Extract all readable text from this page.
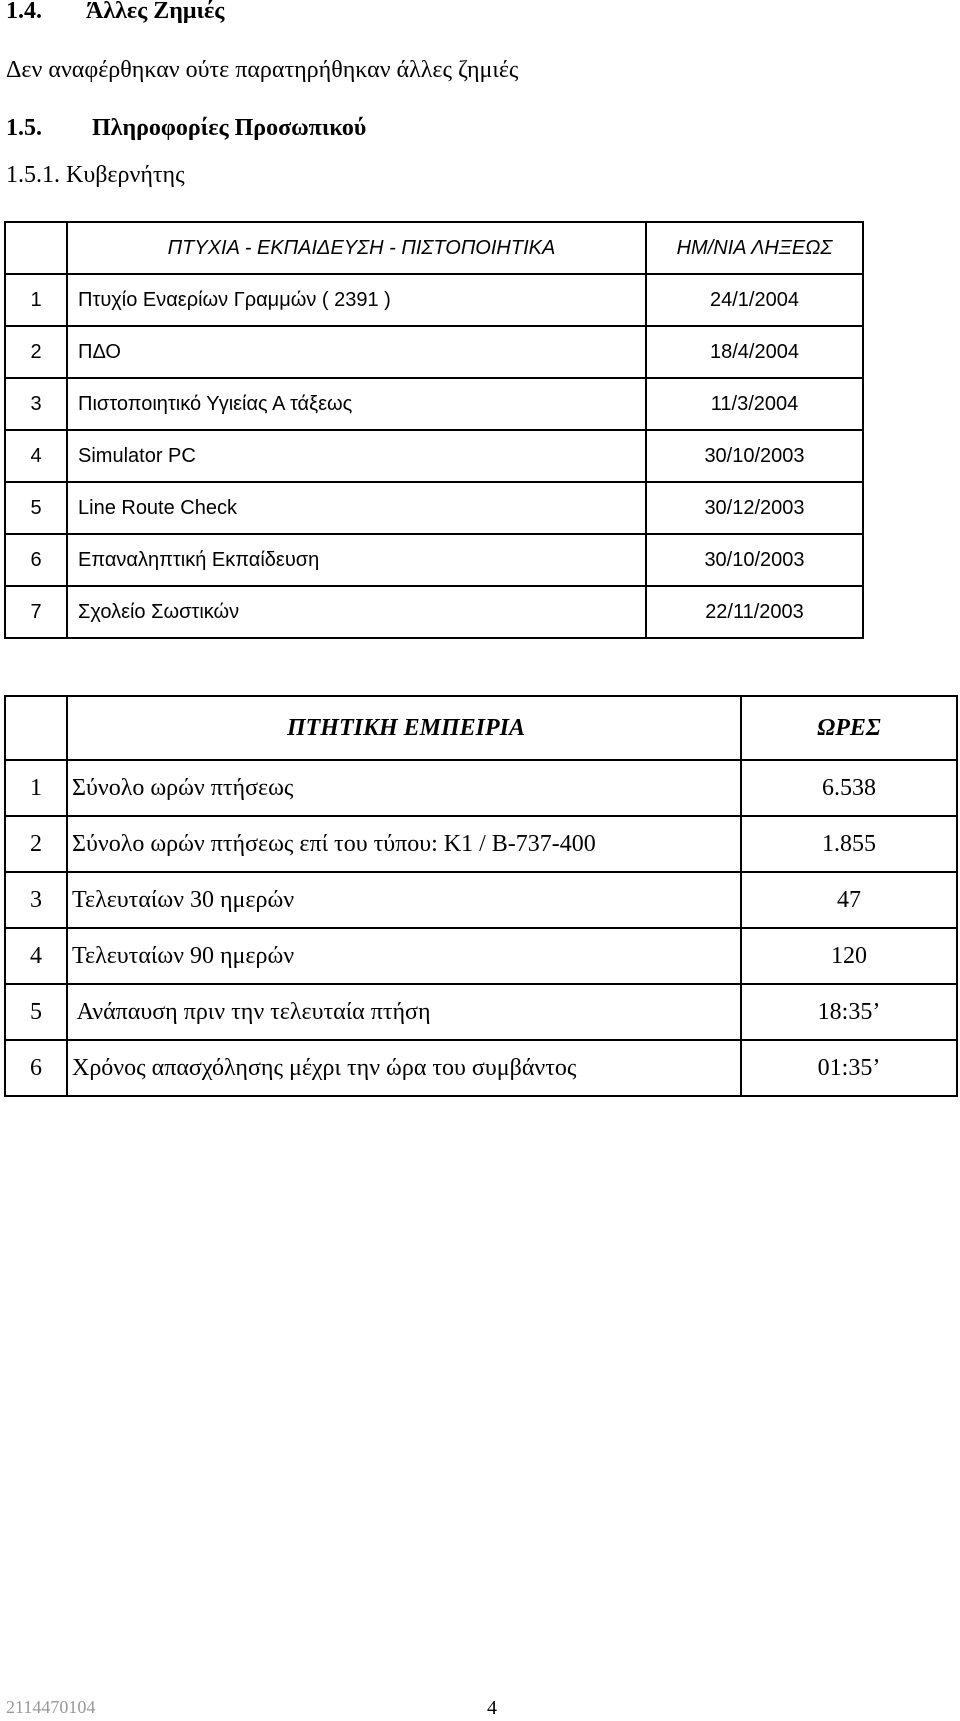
1.4. Άλλες Ζημιές
Δεν αναφέρθηκαν ούτε παρατηρήθηκαν άλλες ζημιές
1.5. Πληροφορίες Προσωπικού
1.5.1. Κυβερνήτης
	ΠΤΥΧΙΑ - ΕΚΠΑΙΔΕΥΣΗ - ΠΙΣΤΟΠΟΙΗΤΙΚΑ	ΗΜ/ΝΙΑ ΛΗΞΕΩΣ
1	Πτυχίο Εναερίων Γραμμών ( 2391 )	24/1/2004
2	ΠΔΟ	18/4/2004
3	Πιστοποιητικό Υγιείας Α τάξεως	11/3/2004
4	Simulator PC	30/10/2003
5	Line Route Check	30/12/2003
6	Επαναληπτική Εκπαίδευση	30/10/2003
7	Σχολείο Σωστικών	22/11/2003
	ΠΤΗΤΙΚΗ ΕΜΠΕΙΡΙΑ	ΩΡΕΣ
1	Σύνολο ωρών πτήσεως	6.538
2	Σύνολο ωρών πτήσεως επί του τύπου: Κ1 / Β-737-400	1.855
3	Τελευταίων 30 ημερών	47
4	Τελευταίων 90 ημερών	120
5	Ανάπαυση πριν την τελευταία πτήση	18:35’
6	Χρόνος απασχόλησης μέχρι την ώρα του συμβάντος	01:35’
2114470104	4
